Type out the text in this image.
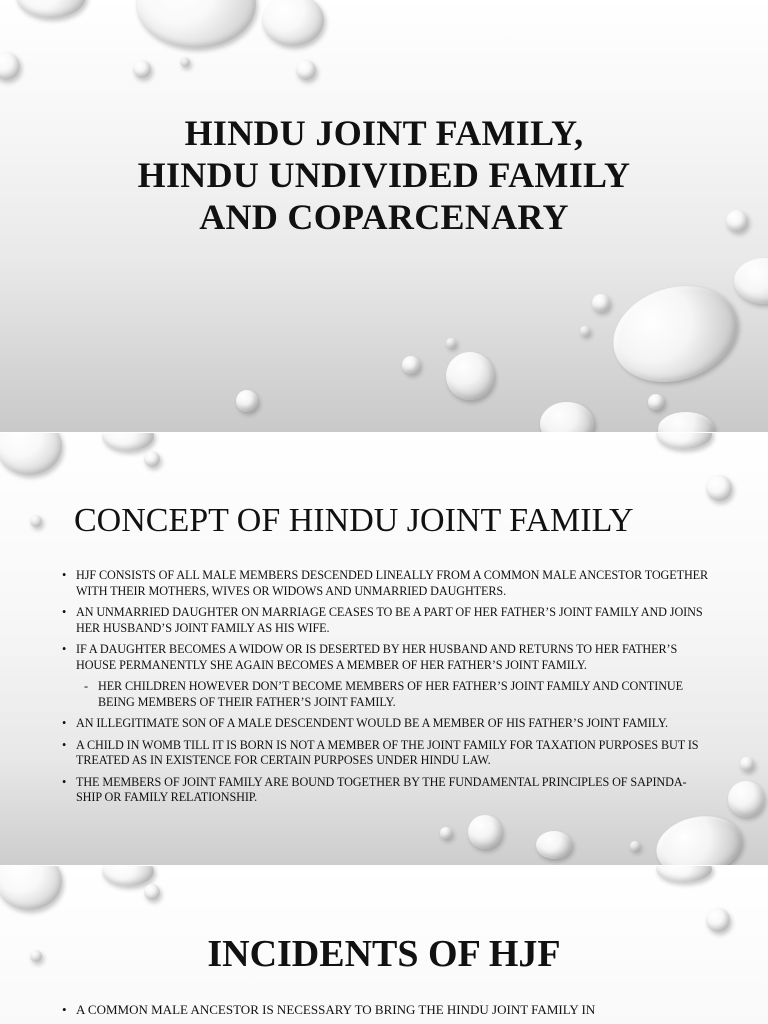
HINDU JOINT FAMILY,
HINDU UNDIVIDED FAMILY
AND COPARCENARY
CONCEPT OF HINDU JOINT FAMILY
• HJF CONSISTS OF ALL MALE MEMBERS DESCENDED LINEALLY FROM A COMMON MALE ANCESTOR TOGETHER WITH THEIR MOTHERS, WIVES OR WIDOWS AND UNMARRIED DAUGHTERS.
• AN UNMARRIED DAUGHTER ON MARRIAGE CEASES TO BE A PART OF HER FATHER’S JOINT FAMILY AND JOINS HER HUSBAND’S JOINT FAMILY AS HIS WIFE.
• IF A DAUGHTER BECOMES A WIDOW OR IS DESERTED BY HER HUSBAND AND RETURNS TO HER FATHER’S HOUSE PERMANENTLY SHE AGAIN BECOMES A MEMBER OF HER FATHER’S JOINT FAMILY.
- HER CHILDREN HOWEVER DON’T BECOME MEMBERS OF HER FATHER’S JOINT FAMILY AND CONTINUE BEING MEMBERS OF THEIR FATHER’S JOINT FAMILY.
• AN ILLEGITIMATE SON OF A MALE DESCENDENT WOULD BE A MEMBER OF HIS FATHER’S JOINT FAMILY.
• A CHILD IN WOMB TILL IT IS BORN IS NOT A MEMBER OF THE JOINT FAMILY FOR TAXATION PURPOSES BUT IS TREATED AS IN EXISTENCE FOR CERTAIN PURPOSES UNDER HINDU LAW.
• THE MEMBERS OF JOINT FAMILY ARE BOUND TOGETHER BY THE FUNDAMENTAL PRINCIPLES OF SAPINDA-SHIP OR FAMILY RELATIONSHIP.
INCIDENTS OF HJF
• A COMMON MALE ANCESTOR IS NECESSARY TO BRING THE HINDU JOINT FAMILY IN
